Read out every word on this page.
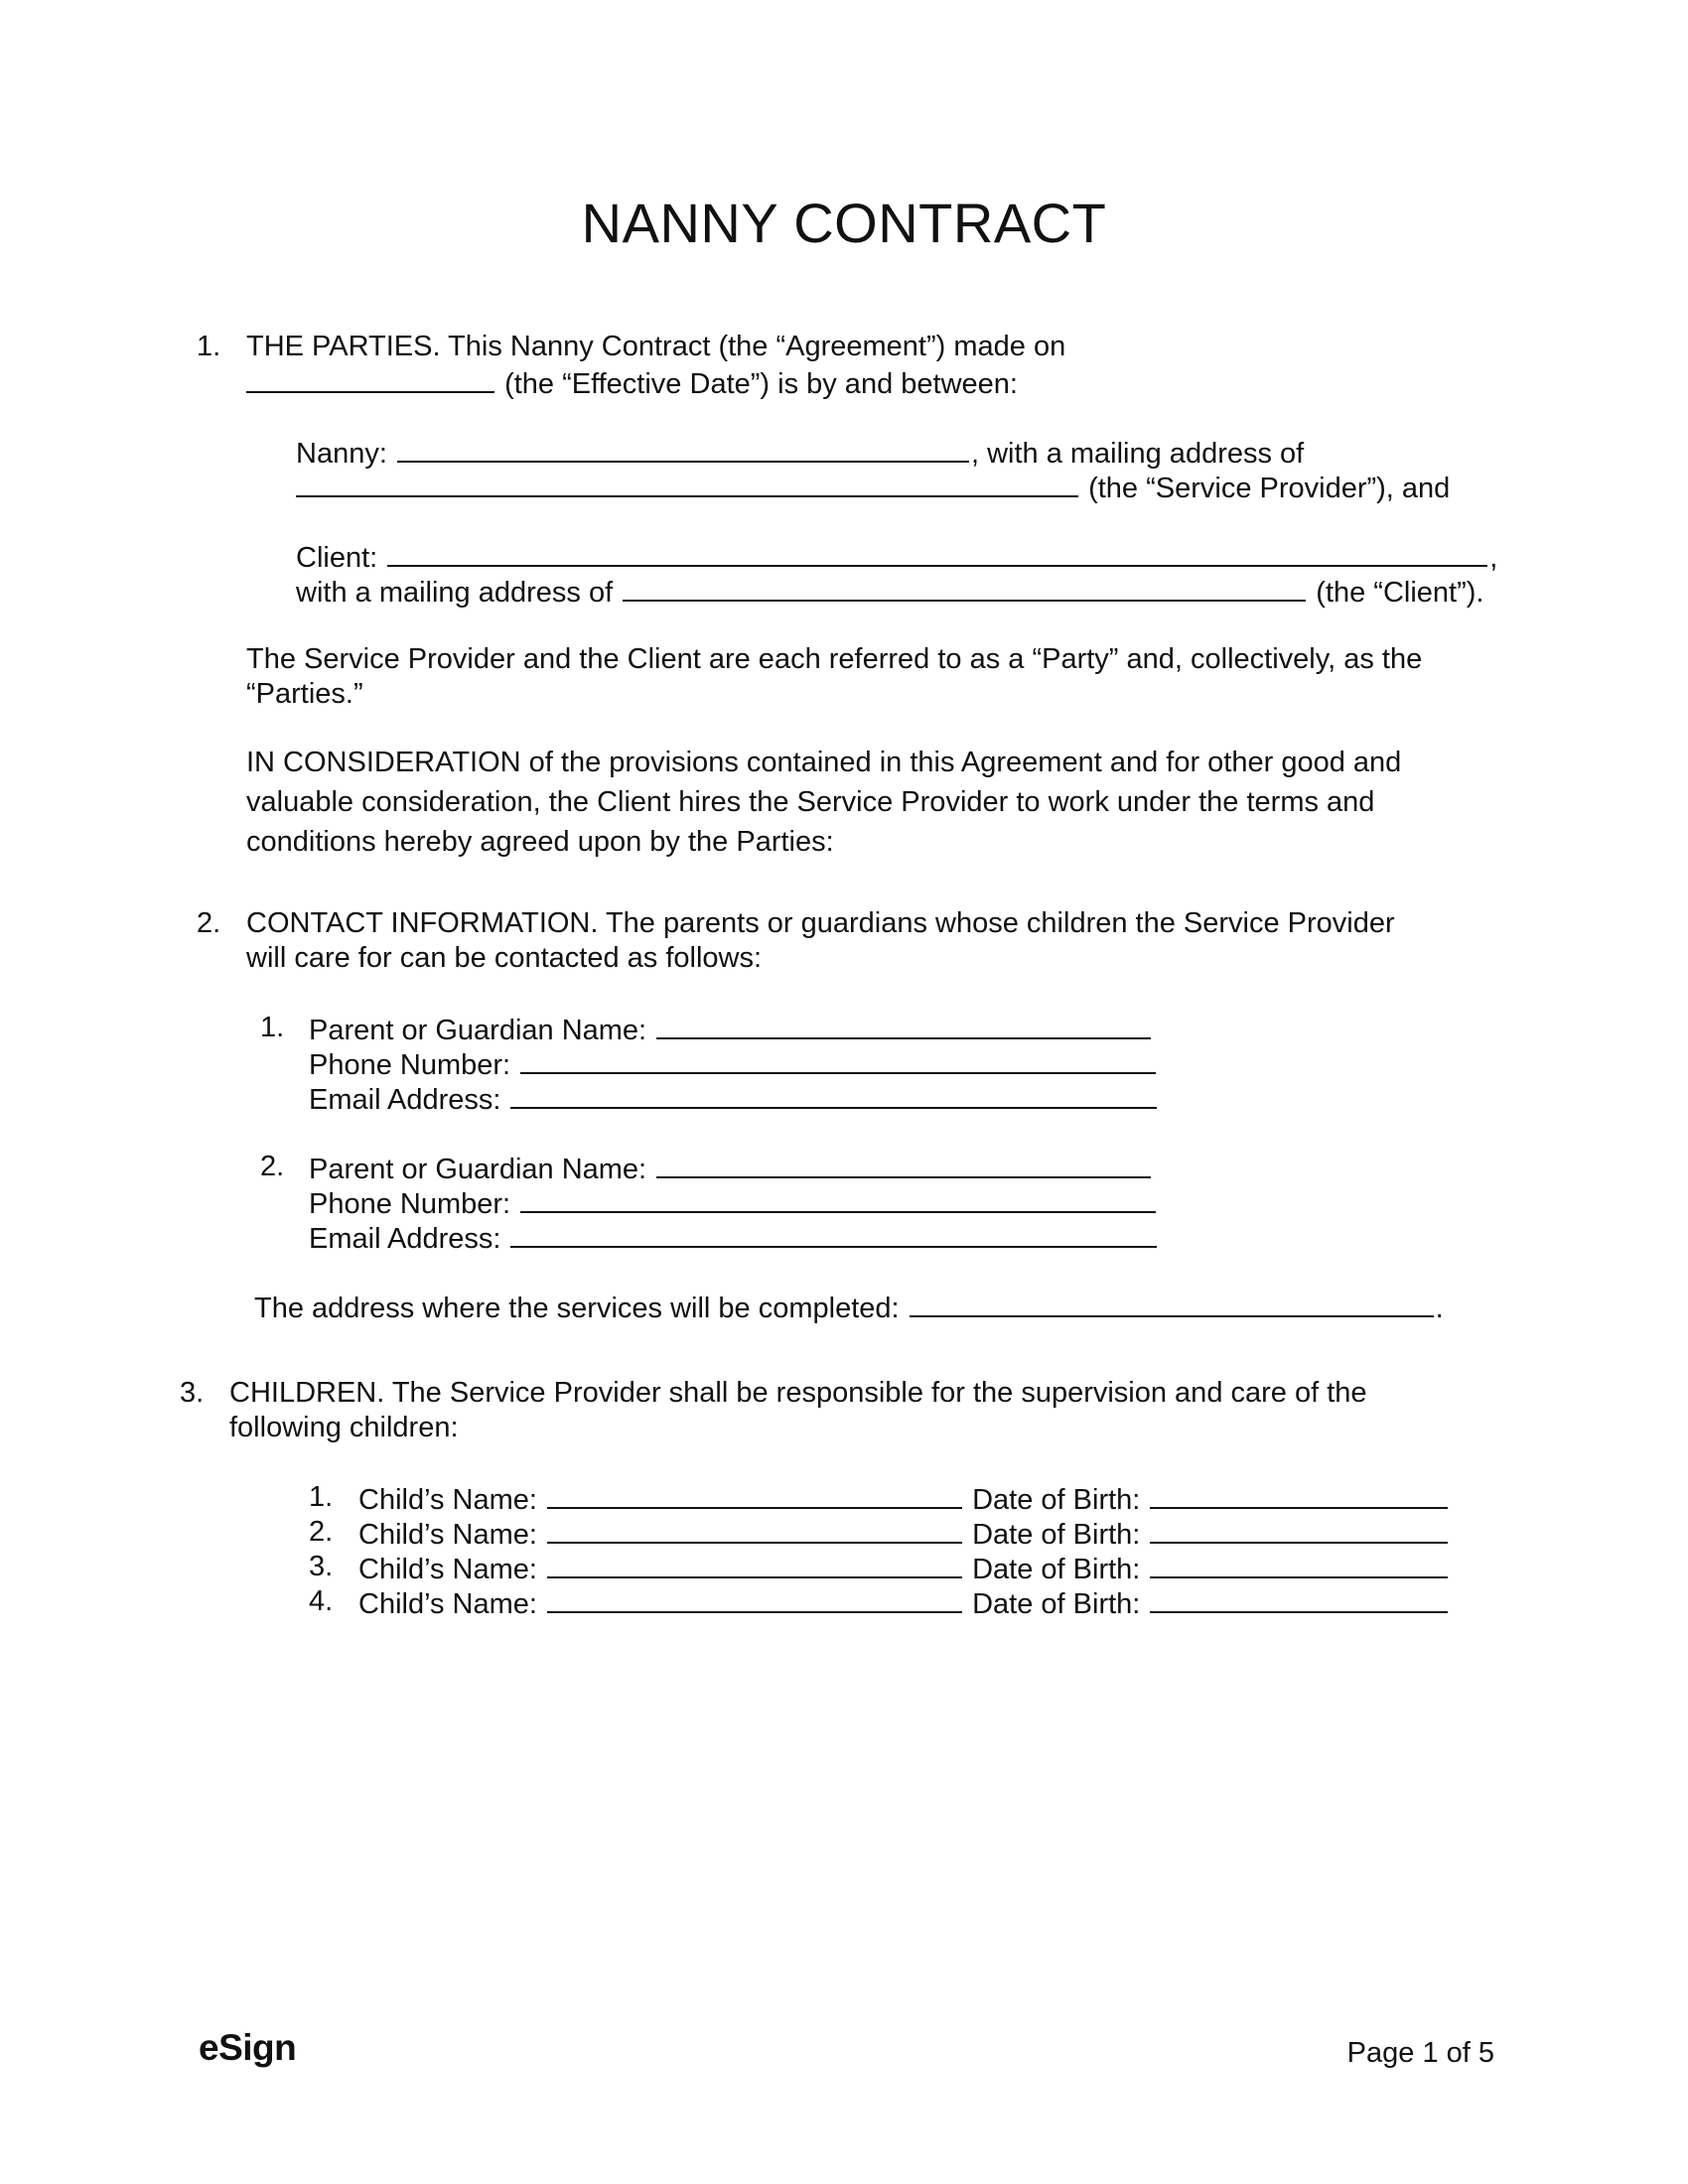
NANNY CONTRACT
1. THE PARTIES. This Nanny Contract (the “Agreement”) made on
(the “Effective Date”) is by and between:
Nanny:	, with a mailing address of
(the “Service Provider”), and
Client:	,
with a mailing address of	(the “Client”).
The Service Provider and the Client are each referred to as a “Party” and, collectively, as the
“Parties.”
IN CONSIDERATION of the provisions contained in this Agreement and for other good and
valuable consideration, the Client hires the Service Provider to work under the terms and
conditions hereby agreed upon by the Parties:
2. CONTACT INFORMATION. The parents or guardians whose children the Service Provider
will care for can be contacted as follows:
1. Parent or Guardian Name:
Phone Number:
Email Address:
2. Parent or Guardian Name:
Phone Number:
Email Address:
The address where the services will be completed:	.
3. CHILDREN. The Service Provider shall be responsible for the supervision and care of the
following children:
1. Child’s Name:	Date of Birth:
2. Child’s Name:	Date of Birth:
3. Child’s Name:	Date of Birth:
4. Child’s Name:	Date of Birth:
eSign	Page 1 of 5
